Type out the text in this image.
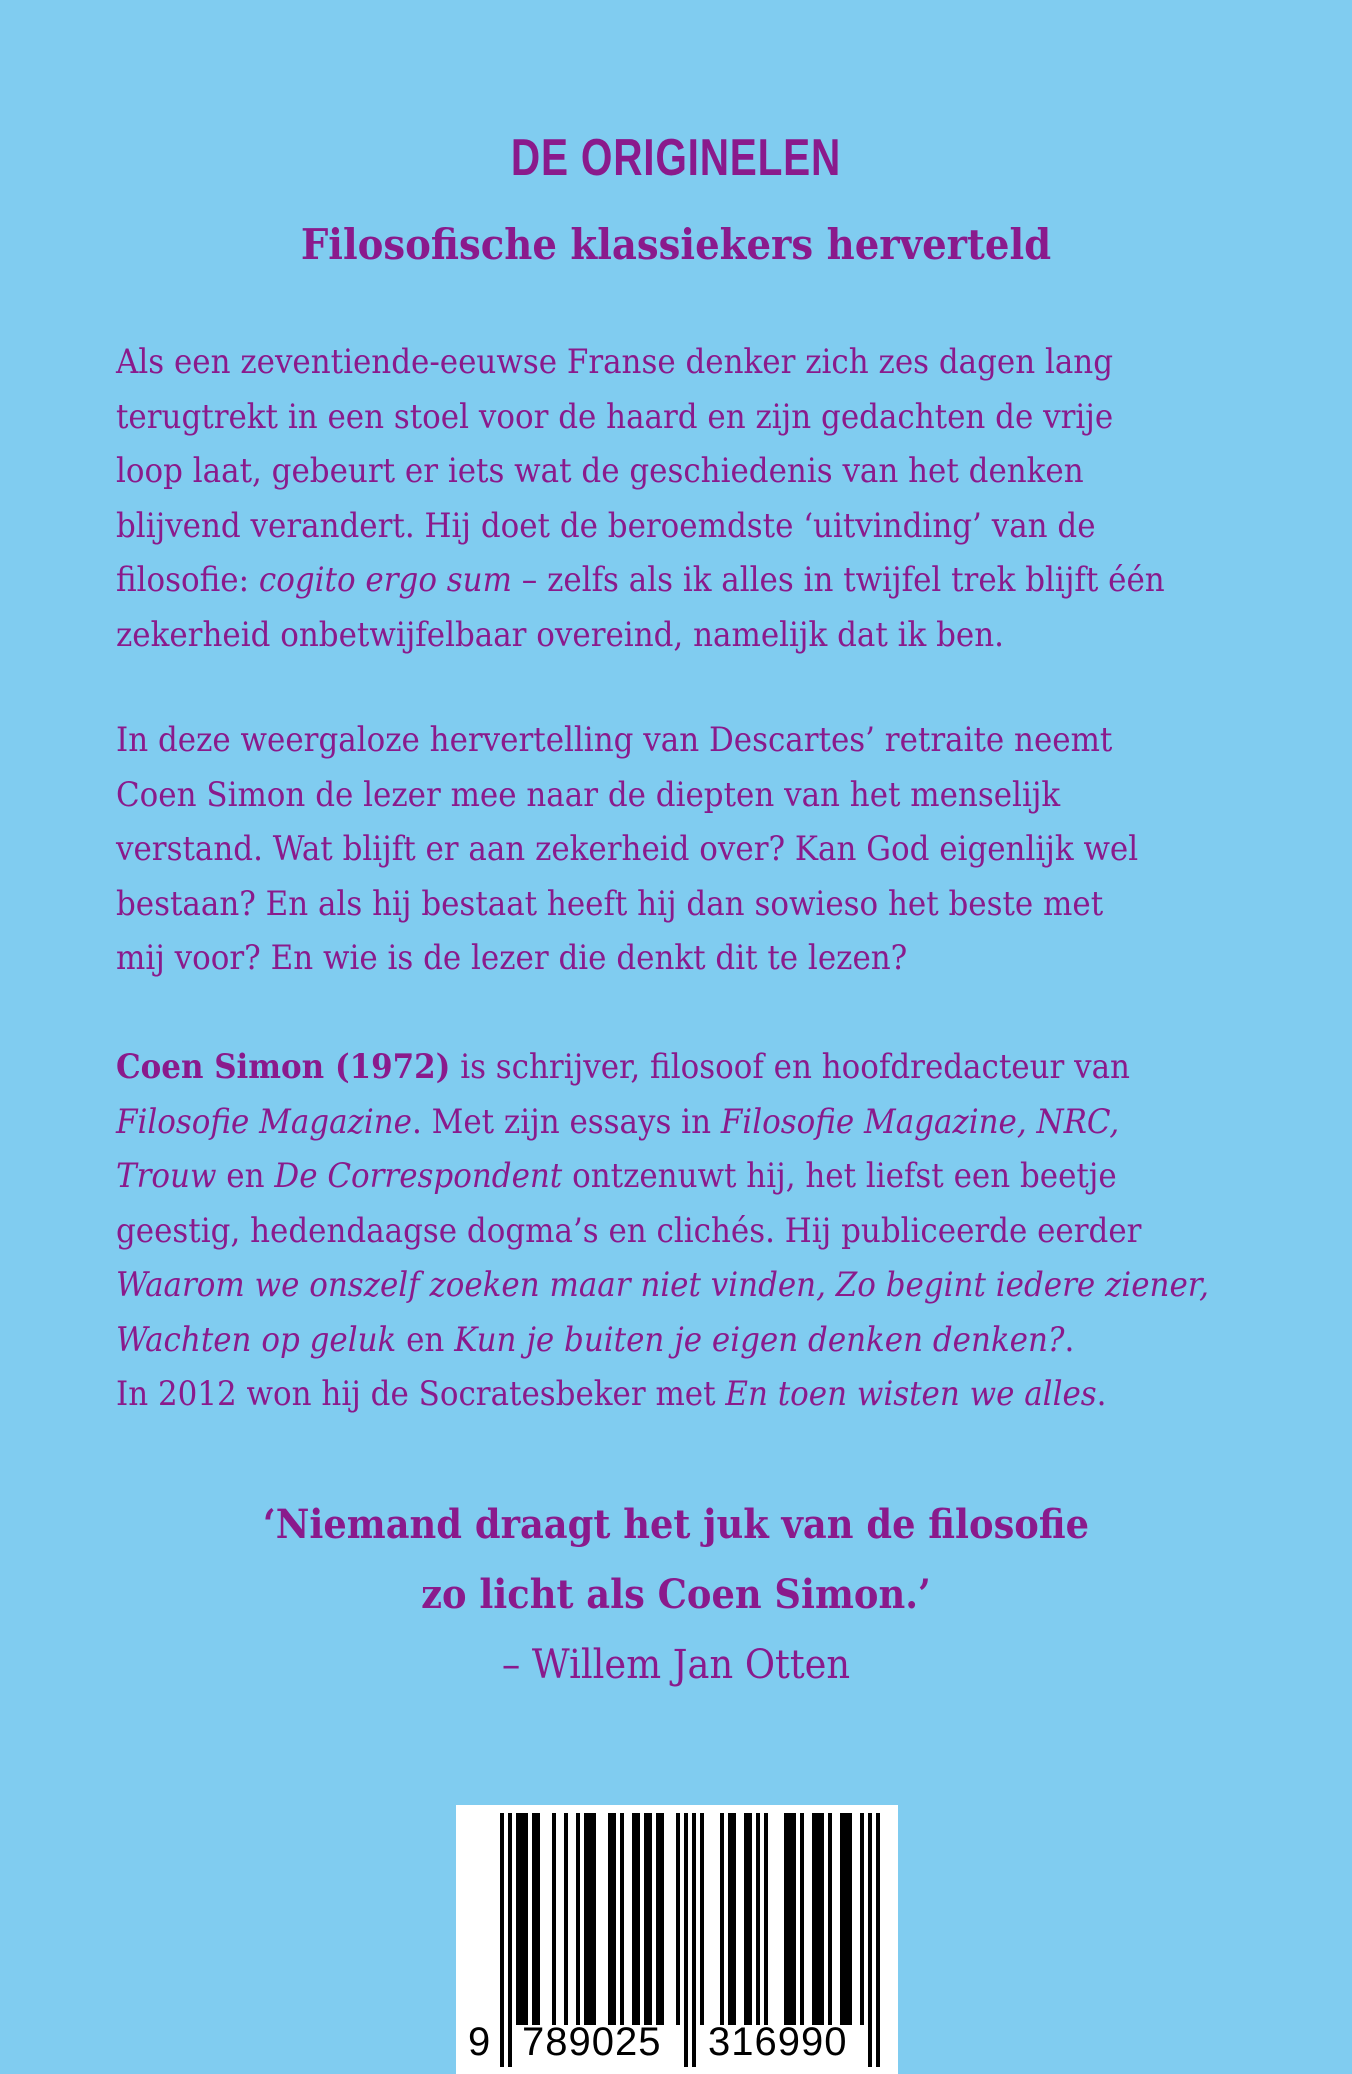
DE ORIGINELEN
Filosofische klassiekers herverteld
Als een zeventiende-eeuwse Franse denker zich zes dagen lang
terugtrekt in een stoel voor de haard en zijn gedachten de vrije
loop laat, gebeurt er iets wat de geschiedenis van het denken
blijvend verandert. Hij doet de beroemdste ‘uitvinding’ van de
filosofie: cogito ergo sum – zelfs als ik alles in twijfel trek blijft één
zekerheid onbetwijfelbaar overeind, namelijk dat ik ben.
In deze weergaloze hervertelling van Descartes’ retraite neemt
Coen Simon de lezer mee naar de diepten van het menselijk
verstand. Wat blijft er aan zekerheid over? Kan God eigenlijk wel
bestaan? En als hij bestaat heeft hij dan sowieso het beste met
mij voor? En wie is de lezer die denkt dit te lezen?
Coen Simon (1972) is schrijver, filosoof en hoofdredacteur van
Filosofie Magazine. Met zijn essays in Filosofie Magazine, NRC,
Trouw en De Correspondent ontzenuwt hij, het liefst een beetje
geestig, hedendaagse dogma’s en clichés. Hij publiceerde eerder
Waarom we onszelf zoeken maar niet vinden, Zo begint iedere ziener,
Wachten op geluk en Kun je buiten je eigen denken denken?.
In 2012 won hij de Socratesbeker met En toen wisten we alles.
‘Niemand draagt het juk van de filosofie
zo licht als Coen Simon.’
– Willem Jan Otten
9 789025 316990
